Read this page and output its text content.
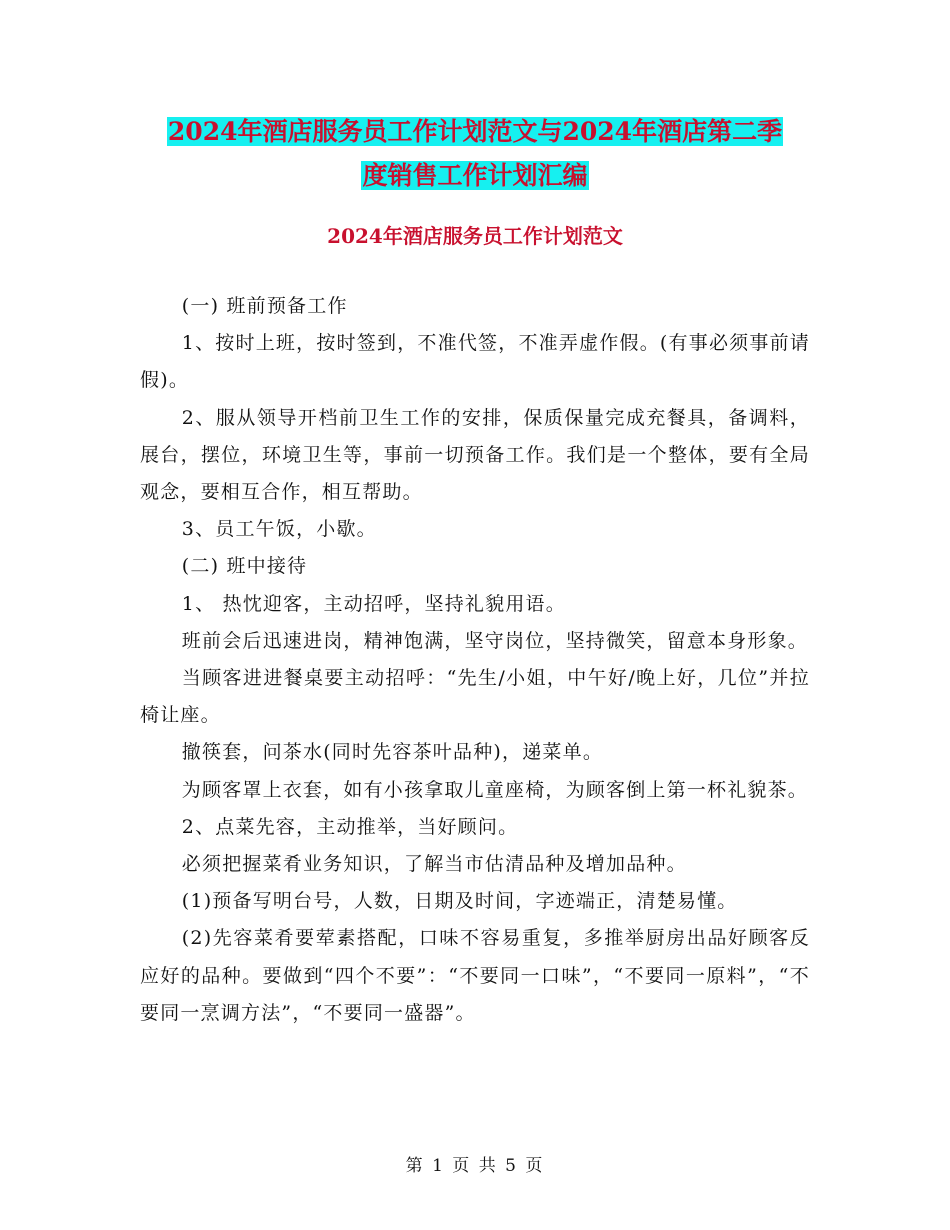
2024年酒店服务员工作计划范文与2024年酒店第二季
度销售工作计划汇编
2024年酒店服务员工作计划范文

(一) 班前预备工作

1、按时上班，按时签到，不准代签，不准弄虚作假。(有事必须事前请假)。

2、服从领导开档前卫生工作的安排，保质保量完成充餐具，备调料，展台，摆位，环境卫生等，事前一切预备工作。我们是一个整体，要有全局观念，要相互合作，相互帮助。

3、员工午饭，小歇。

(二) 班中接待

1、 热忱迎客，主动招呼，坚持礼貌用语。

班前会后迅速进岗，精神饱满，坚守岗位，坚持微笑，留意本身形象。

当顾客进进餐桌要主动招呼：“先生/小姐，中午好/晚上好，几位”并拉椅让座。

撤筷套，问茶水(同时先容茶叶品种)，递菜单。

为顾客罩上衣套，如有小孩拿取儿童座椅，为顾客倒上第一杯礼貌茶。

2、点菜先容，主动推举，当好顾问。

必须把握菜肴业务知识，了解当市估清品种及增加品种。

(1)预备写明台号，人数，日期及时间，字迹端正，清楚易懂。

(2)先容菜肴要荤素搭配，口味不容易重复，多推举厨房出品好顾客反应好的品种。要做到“四个不要”：“不要同一口味”，“不要同一原料”，“不要同一烹调方法”，“不要同一盛器”。

第 1 页 共 5 页
